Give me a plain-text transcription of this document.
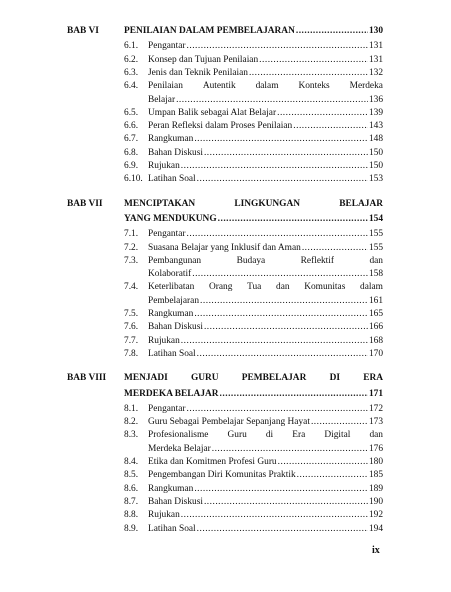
BAB VI	PENILAIAN DALAM PEMBELAJARAN .....	130
6.1. Pengantar .....	131
6.2. Konsep dan Tujuan Penilaian .....	131
6.3. Jenis dan Teknik Penilaian .....	132
6.4. Penilaian Autentik dalam Konteks Merdeka
Belajar .....	136
6.5. Umpan Balik sebagai Alat Belajar .....	139
6.6. Peran Refleksi dalam Proses Penilaian .....	143
6.7. Rangkuman .....	148
6.8. Bahan Diskusi .....	150
6.9. Rujukan .....	150
6.10. Latihan Soal .....	153
BAB VII MENCIPTAKAN	LINGKUNGAN	BELAJAR
YANG MENDUKUNG .....	154
7.1. Pengantar .....	155
7.2. Suasana Belajar yang Inklusif dan Aman .....	155
7.3. Pembangunan	Budaya	Reflektif	dan
Kolaboratif .....	158
7.4. Keterlibatan Orang Tua dan Komunitas dalam
Pembelajaran .....	161
7.5. Rangkuman .....	165
7.6. Bahan Diskusi .....	166
7.7. Rujukan .....	168
7.8. Latihan Soal .....	170
BAB VIII MENJADI GURU PEMBELAJAR DI ERA
MERDEKA BELAJAR .....	171
8.1. Pengantar .....	172
8.2. Guru Sebagai Pembelajar Sepanjang Hayat .....	173
8.3. Profesionalisme Guru di Era Digital dan
Merdeka Belajar .....	176
8.4. Etika dan Komitmen Profesi Guru .....	180
8.5. Pengembangan Diri Komunitas Praktik .....	185
8.6. Rangkuman .....	189
8.7. Bahan Diskusi .....	190
8.8. Rujukan .....	192
8.9. Latihan Soal .....	194
ix
